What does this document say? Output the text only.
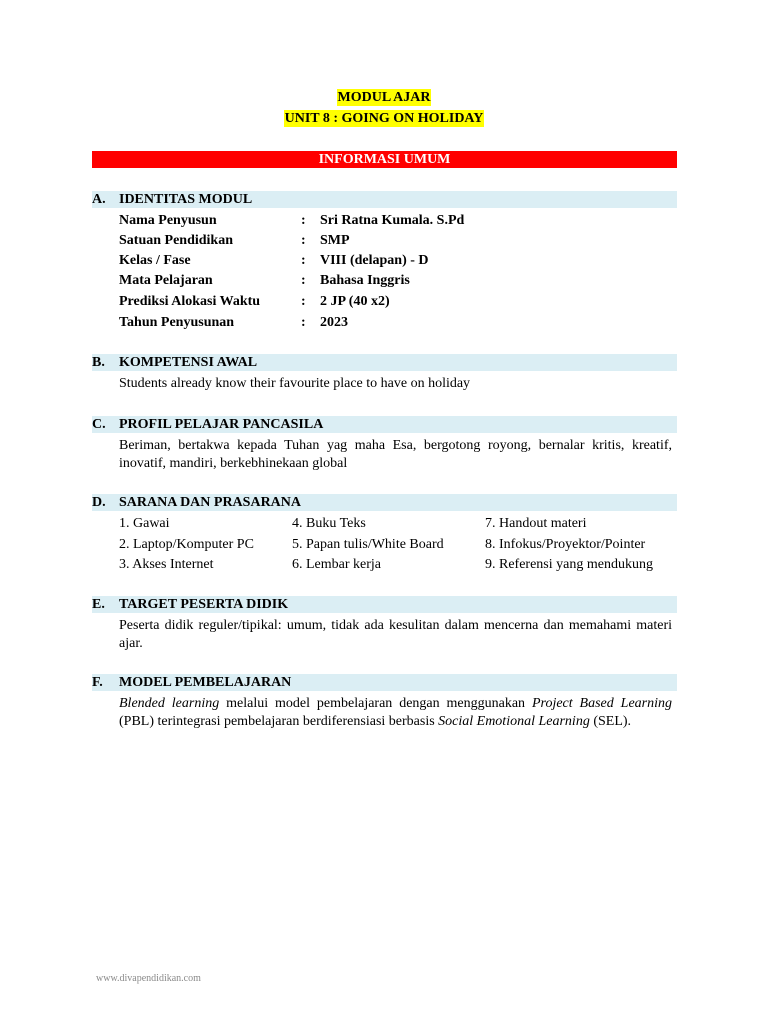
MODUL AJAR
UNIT 8 : GOING ON HOLIDAY
INFORMASI UMUM
A. IDENTITAS MODUL
Nama Penyusun	: Sri Ratna Kumala. S.Pd
Satuan Pendidikan	: SMP
Kelas / Fase	: VIII (delapan) - D
Mata Pelajaran	: Bahasa Inggris
Prediksi Alokasi Waktu	: 2 JP (40 x2)
Tahun Penyusunan	: 2023
B. KOMPETENSI AWAL
Students already know their favourite place to have on holiday
C. PROFIL PELAJAR PANCASILA
Beriman, bertakwa kepada Tuhan yag maha Esa, bergotong royong, bernalar kritis, kreatif, inovatif, mandiri, berkebhinekaan global
D. SARANA DAN PRASARANA
1. Gawai	4. Buku Teks	7. Handout materi
2. Laptop/Komputer PC	5. Papan tulis/White Board	8. Infokus/Proyektor/Pointer
3. Akses Internet	6. Lembar kerja	9. Referensi yang mendukung
E. TARGET PESERTA DIDIK
Peserta didik reguler/tipikal: umum, tidak ada kesulitan dalam mencerna dan memahami materi ajar.
F. MODEL PEMBELAJARAN
Blended learning melalui model pembelajaran dengan menggunakan Project Based Learning (PBL) terintegrasi pembelajaran berdiferensiasi berbasis Social Emotional Learning (SEL).
www.divapendidikan.com
